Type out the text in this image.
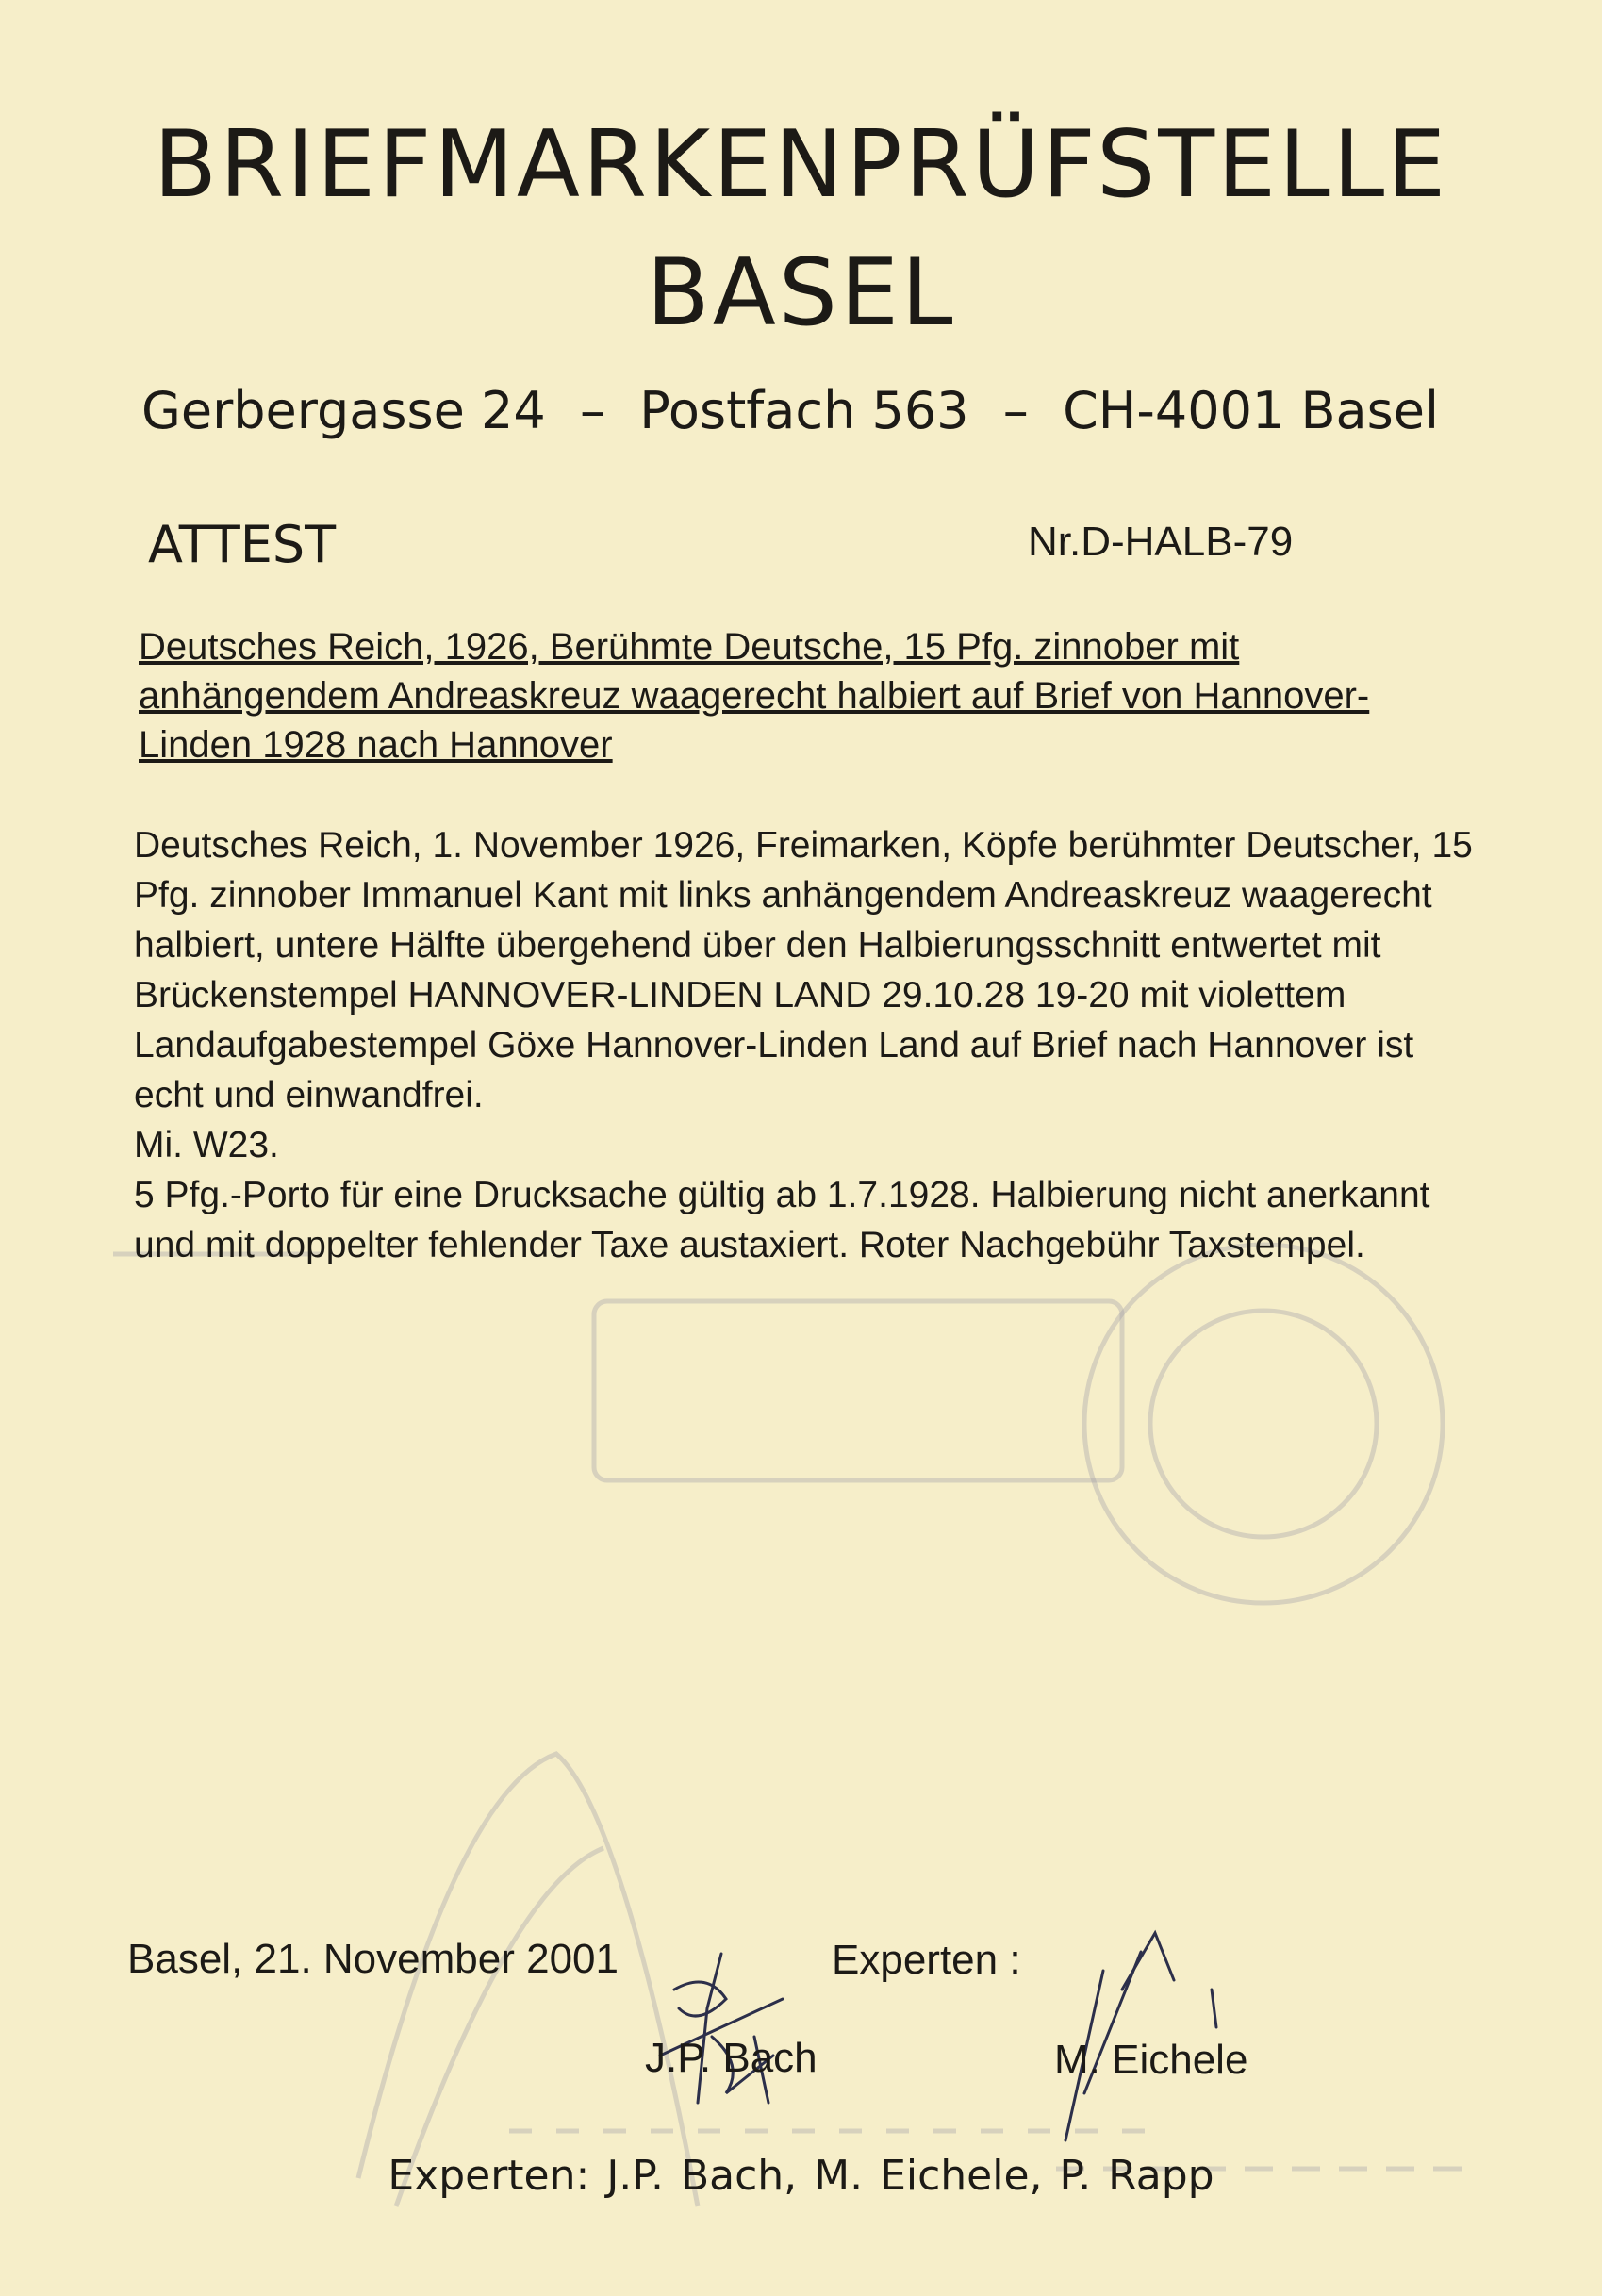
BRIEFMARKENPRÜFSTELLE
BASEL
Gerbergasse 24 – Postfach 563 – CH-4001 Basel
ATTEST	Nr.D-HALB-79

Deutsches Reich, 1926, Berühmte Deutsche, 15 Pfg. zinnober mit anhängendem Andreaskreuz waagerecht halbiert auf Brief von Hannover-Linden 1928 nach Hannover

Deutsches Reich, 1. November 1926, Freimarken, Köpfe berühmter Deutscher, 15 Pfg. zinnober Immanuel Kant mit links anhängendem Andreaskreuz waagerecht halbiert, untere Hälfte übergehend über den Halbierungsschnitt entwertet mit Brückenstempel HANNOVER-LINDEN LAND 29.10.28 19-20 mit violettem Landaufgabestempel Göxe Hannover-Linden Land auf Brief nach Hannover ist echt und einwandfrei.

Mi. W23.

5 Pfg.-Porto für eine Drucksache gültig ab 1.7.1928. Halbierung nicht anerkannt und mit doppelter fehlender Taxe austaxiert. Roter Nachgebühr Taxstempel.

Basel, 21. November 2001	Experten :
J.P. Bach	M. Eichele
Experten: J.P. Bach, M. Eichele, P. Rapp
